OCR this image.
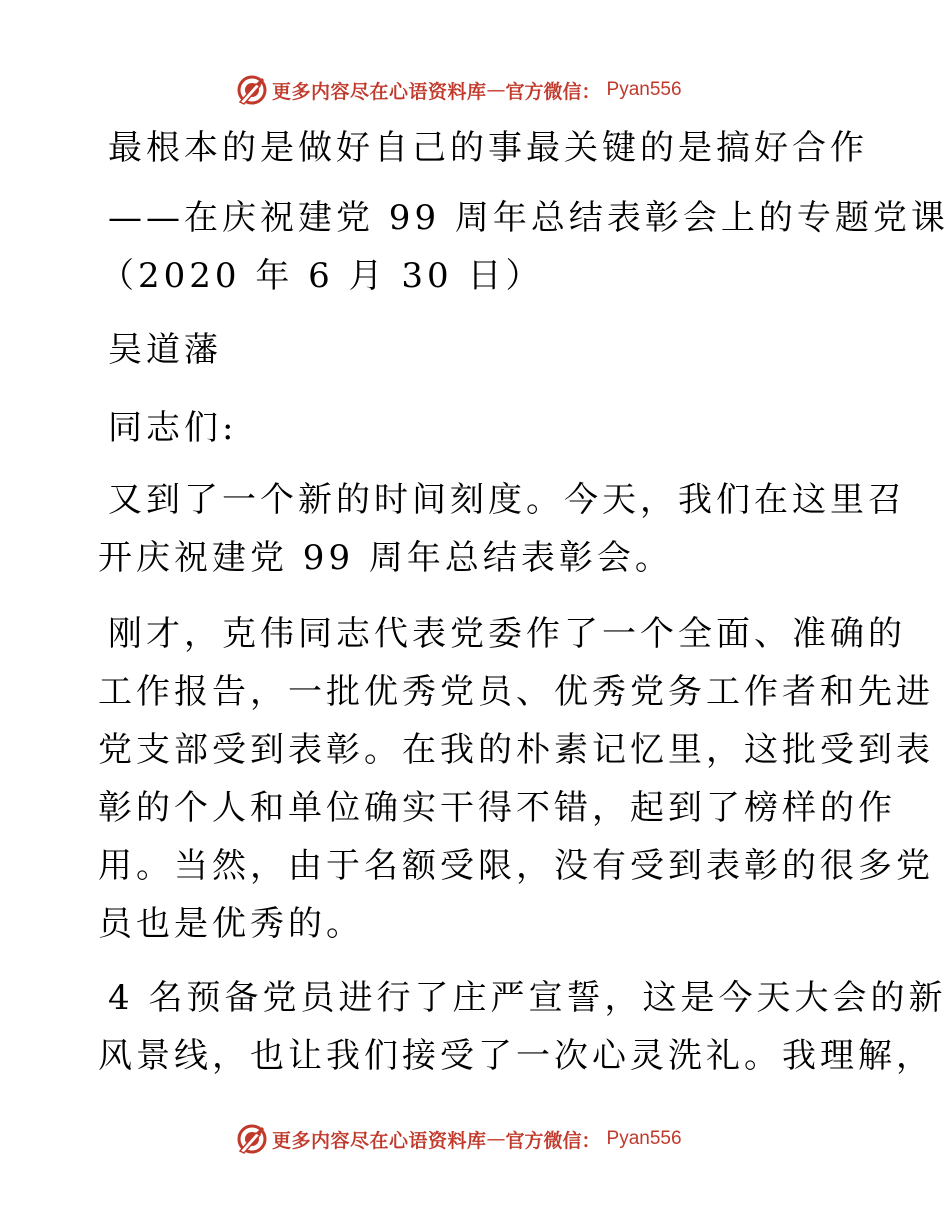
更多内容尽在心语资料库 — 官方微信： Pyan556
最根本的是做好自己的事最关键的是搞好合作
——在庆祝建党 99 周年总结表彰会上的专题党课
（2020 年 6 月 30 日）
吴道藩
同志们:
又到了一个新的时间刻度。今天，我们在这里召
开庆祝建党 99 周年总结表彰会。
刚才，克伟同志代表党委作了一个全面、准确的
工作报告，一批优秀党员、优秀党务工作者和先进
党支部受到表彰。在我的朴素记忆里，这批受到表
彰的个人和单位确实干得不错，起到了榜样的作
用。当然，由于名额受限，没有受到表彰的很多党
员也是优秀的。
4 名预备党员进行了庄严宣誓，这是今天大会的新
风景线，也让我们接受了一次心灵洗礼。我理解，
更多内容尽在心语资料库 — 官方微信： Pyan556
